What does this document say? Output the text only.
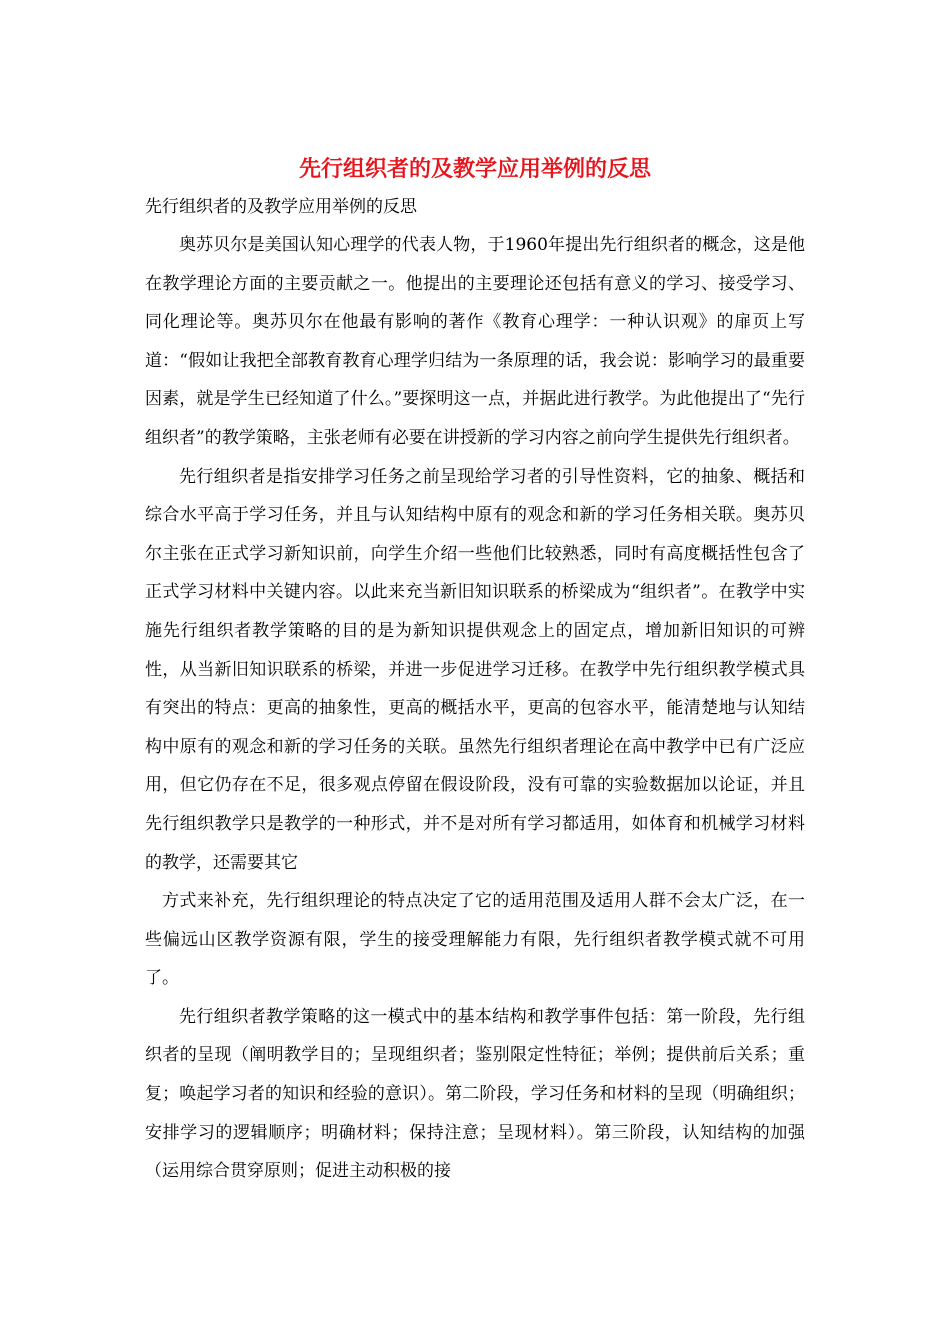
先行组织者的及教学应用举例的反思
先行组织者的及教学应用举例的反思

奥苏贝尔是美国认知心理学的代表人物，于1960年提出先行组织者的概念，这是他在教学理论方面的主要贡献之一。他提出的主要理论还包括有意义的学习、接受学习、同化理论等。奥苏贝尔在他最有影响的著作《教育心理学：一种认识观》的扉页上写道：“假如让我把全部教育教育心理学归结为一条原理的话，我会说：影响学习的最重要因素，就是学生已经知道了什么。”要探明这一点，并据此进行教学。为此他提出了“先行组织者”的教学策略，主张老师有必要在讲授新的学习内容之前向学生提供先行组织者。

先行组织者是指安排学习任务之前呈现给学习者的引导性资料，它的抽象、概括和综合水平高于学习任务，并且与认知结构中原有的观念和新的学习任务相关联。奥苏贝尔主张在正式学习新知识前，向学生介绍一些他们比较熟悉，同时有高度概括性包含了正式学习材料中关键内容。以此来充当新旧知识联系的桥梁成为“组织者”。在教学中实施先行组织者教学策略的目的是为新知识提供观念上的固定点，增加新旧知识的可辨性，从当新旧知识联系的桥梁，并进一步促进学习迁移。在教学中先行组织教学模式具有突出的特点：更高的抽象性，更高的概括水平，更高的包容水平，能清楚地与认知结构中原有的观念和新的学习任务的关联。虽然先行组织者理论在高中教学中已有广泛应用，但它仍存在不足，很多观点停留在假设阶段，没有可靠的实验数据加以论证，并且先行组织教学只是教学的一种形式，并不是对所有学习都适用，如体育和机械学习材料的教学，还需要其它

方式来补充，先行组织理论的特点决定了它的适用范围及适用人群不会太广泛，在一些偏远山区教学资源有限，学生的接受理解能力有限，先行组织者教学模式就不可用了。

先行组织者教学策略的这一模式中的基本结构和教学事件包括：第一阶段，先行组织者的呈现（阐明教学目的；呈现组织者；鉴别限定性特征；举例；提供前后关系；重复；唤起学习者的知识和经验的意识）。第二阶段，学习任务和材料的呈现（明确组织；安排学习的逻辑顺序；明确材料；保持注意；呈现材料）。第三阶段，认知结构的加强（运用综合贯穿原则；促进主动积极的接
